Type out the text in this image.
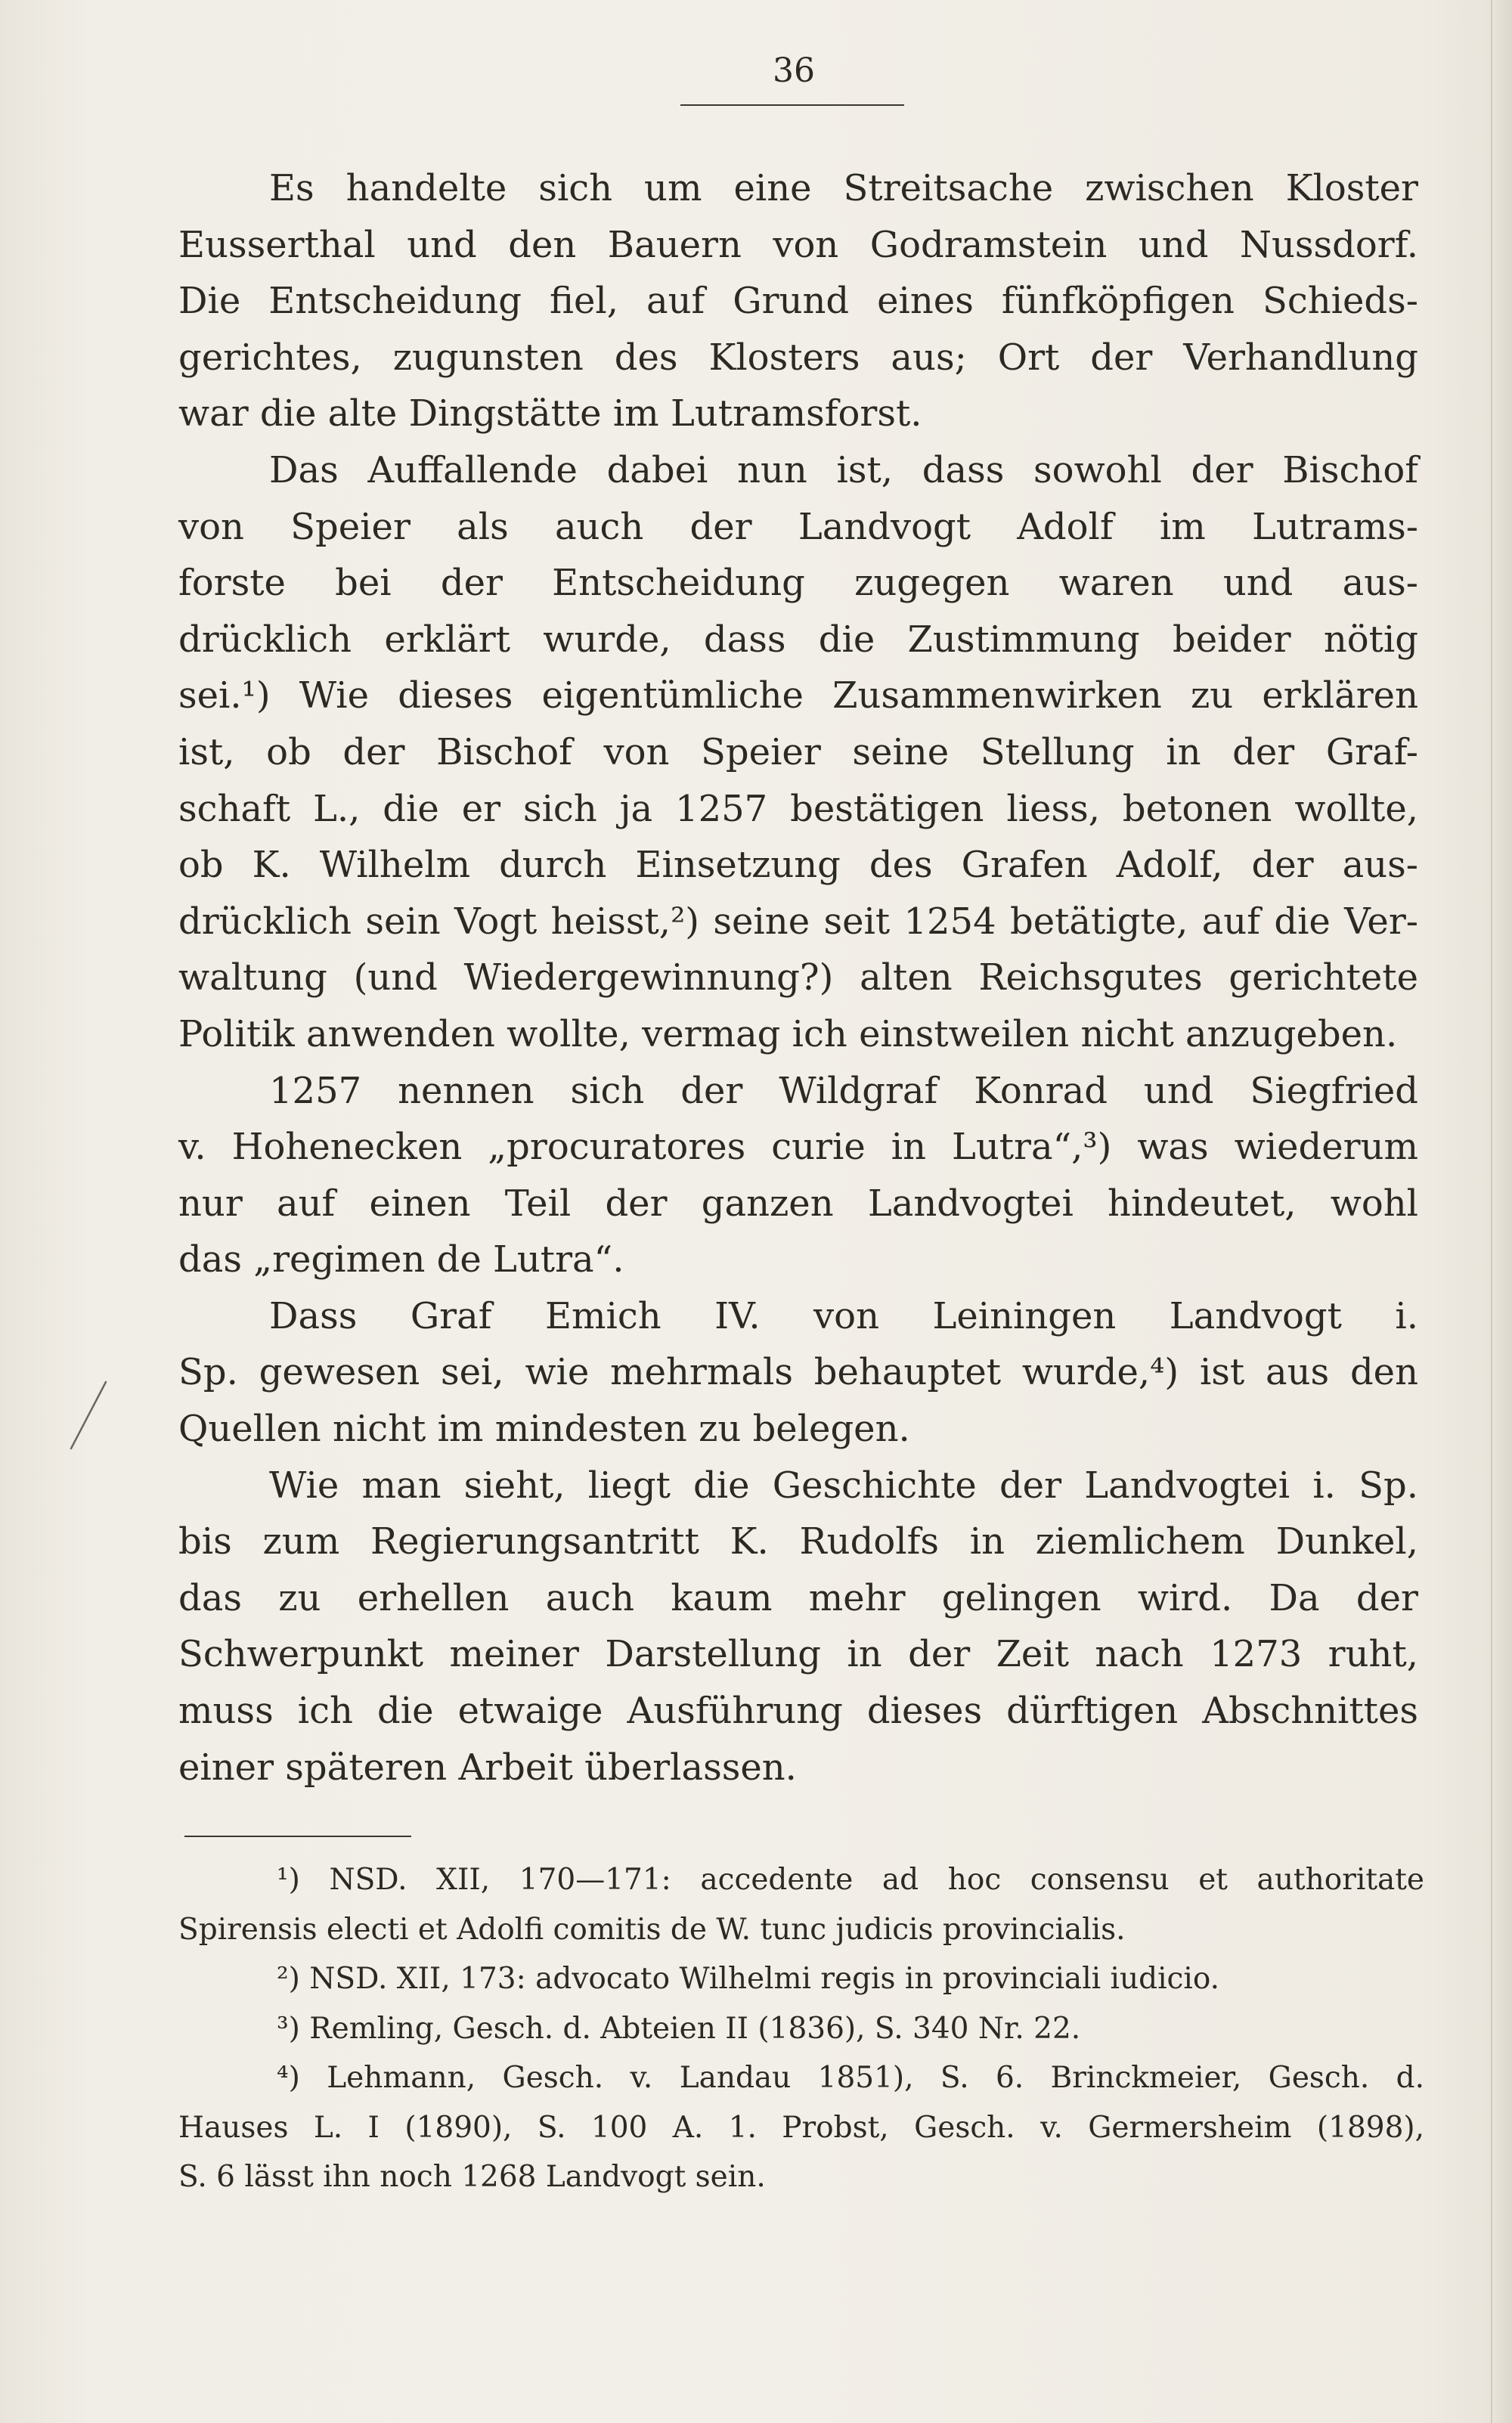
36
Es handelte sich um eine Streitsache zwischen Kloster
Eusserthal und den Bauern von Godramstein und Nussdorf.
Die Entscheidung fiel, auf Grund eines fünfköpfigen Schieds-
gerichtes, zugunsten des Klosters aus; Ort der Verhandlung
war die alte Dingstätte im Lutramsforst.
Das Auffallende dabei nun ist, dass sowohl der Bischof
von Speier als auch der Landvogt Adolf im Lutrams-
forste bei der Entscheidung zugegen waren und aus-
drücklich erklärt wurde, dass die Zustimmung beider nötig
sei.¹) Wie dieses eigentümliche Zusammenwirken zu erklären
ist, ob der Bischof von Speier seine Stellung in der Graf-
schaft L., die er sich ja 1257 bestätigen liess, betonen wollte,
ob K. Wilhelm durch Einsetzung des Grafen Adolf, der aus-
drücklich sein Vogt heisst,²) seine seit 1254 betätigte, auf die Ver-
waltung (und Wiedergewinnung?) alten Reichsgutes gerichtete
Politik anwenden wollte, vermag ich einstweilen nicht anzugeben.
1257 nennen sich der Wildgraf Konrad und Siegfried
v. Hohenecken „procuratores curie in Lutra“,³) was wiederum
nur auf einen Teil der ganzen Landvogtei hindeutet, wohl
das „regimen de Lutra“.
Dass Graf Emich IV. von Leiningen Landvogt i.
Sp. gewesen sei, wie mehrmals behauptet wurde,⁴) ist aus den
Quellen nicht im mindesten zu belegen.
Wie man sieht, liegt die Geschichte der Landvogtei i. Sp.
bis zum Regierungsantritt K. Rudolfs in ziemlichem Dunkel,
das zu erhellen auch kaum mehr gelingen wird. Da der
Schwerpunkt meiner Darstellung in der Zeit nach 1273 ruht,
muss ich die etwaige Ausführung dieses dürftigen Abschnittes
einer späteren Arbeit überlassen.
¹) NSD. XII, 170—171: accedente ad hoc consensu et authoritate
Spirensis electi et Adolfi comitis de W. tunc judicis provincialis.
²) NSD. XII, 173: advocato Wilhelmi regis in provinciali iudicio.
³) Remling, Gesch. d. Abteien II (1836), S. 340 Nr. 22.
⁴) Lehmann, Gesch. v. Landau 1851), S. 6. Brinckmeier, Gesch. d.
Hauses L. I (1890), S. 100 A. 1. Probst, Gesch. v. Germersheim (1898),
S. 6 lässt ihn noch 1268 Landvogt sein.
